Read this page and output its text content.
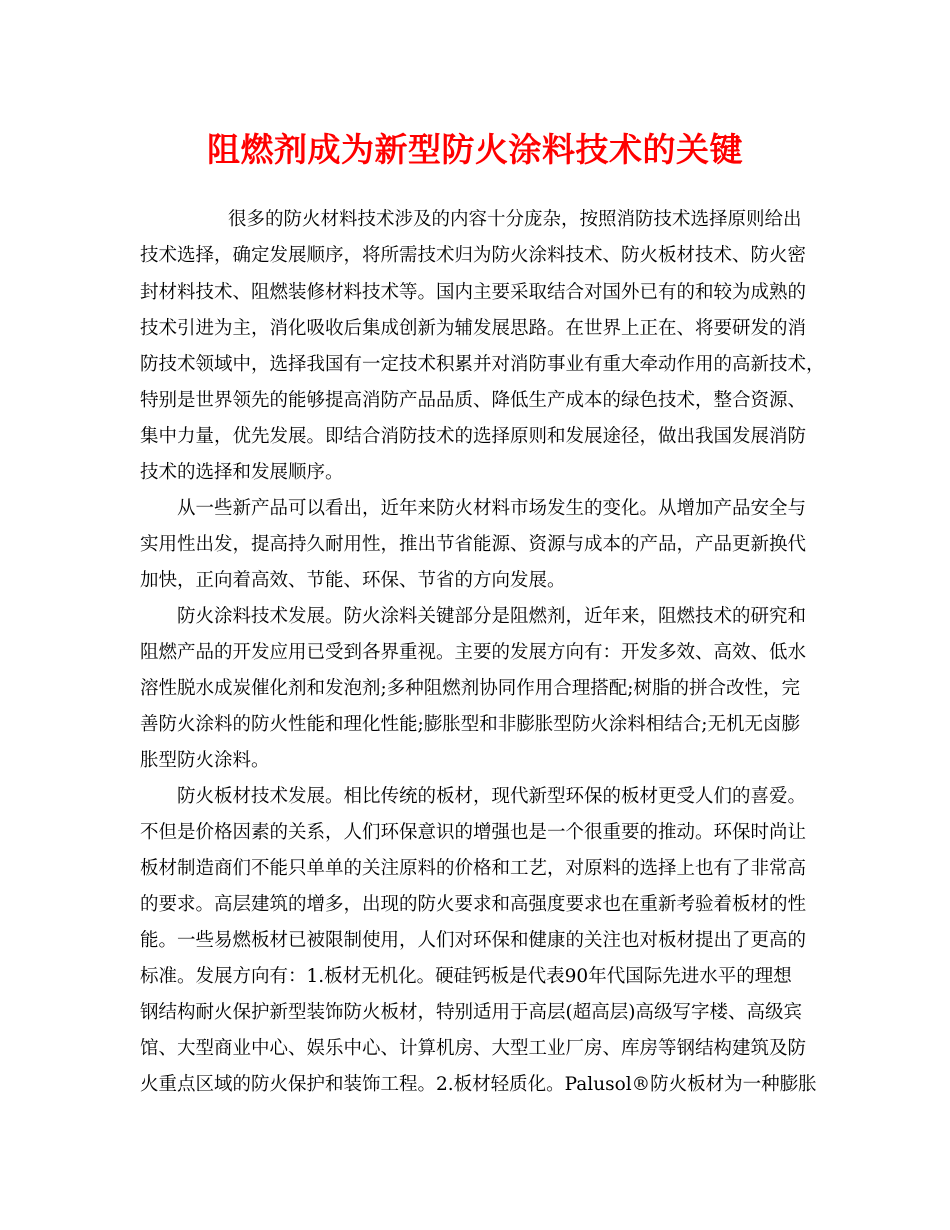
阻燃剂成为新型防火涂料技术的关键

很多的防火材料技术涉及的内容十分庞杂，按照消防技术选择原则给出

技术选择，确定发展顺序，将所需技术归为防火涂料技术、防火板材技术、防火密

封材料技术、阻燃装修材料技术等。国内主要采取结合对国外已有的和较为成熟的

技术引进为主，消化吸收后集成创新为辅发展思路。在世界上正在、将要研发的消

防技术领域中，选择我国有一定技术积累并对消防事业有重大牵动作用的高新技术，

特别是世界领先的能够提高消防产品品质、降低生产成本的绿色技术，整合资源、

集中力量，优先发展。即结合消防技术的选择原则和发展途径，做出我国发展消防

技术的选择和发展顺序。

从一些新产品可以看出，近年来防火材料市场发生的变化。从增加产品安全与

实用性出发，提高持久耐用性，推出节省能源、资源与成本的产品，产品更新换代

加快，正向着高效、节能、环保、节省的方向发展。

防火涂料技术发展。防火涂料关键部分是阻燃剂，近年来，阻燃技术的研究和

阻燃产品的开发应用已受到各界重视。主要的发展方向有：开发多效、高效、低水

溶性脱水成炭催化剂和发泡剂;多种阻燃剂协同作用合理搭配;树脂的拼合改性，完

善防火涂料的防火性能和理化性能;膨胀型和非膨胀型防火涂料相结合;无机无卤膨

胀型防火涂料。

防火板材技术发展。相比传统的板材，现代新型环保的板材更受人们的喜爱。

不但是价格因素的关系，人们环保意识的增强也是一个很重要的推动。环保时尚让

板材制造商们不能只单单的关注原料的价格和工艺，对原料的选择上也有了非常高

的要求。高层建筑的增多，出现的防火要求和高强度要求也在重新考验着板材的性

能。一些易燃板材已被限制使用，人们对环保和健康的关注也对板材提出了更高的

标准。发展方向有：1.板材无机化。硬硅钙板是代表90年代国际先进水平的理想

钢结构耐火保护新型装饰防火板材，特别适用于高层(超高层)高级写字楼、高级宾

馆、大型商业中心、娱乐中心、计算机房、大型工业厂房、库房等钢结构建筑及防

火重点区域的防火保护和装饰工程。2.板材轻质化。Palusol®防火板材为一种膨胀
